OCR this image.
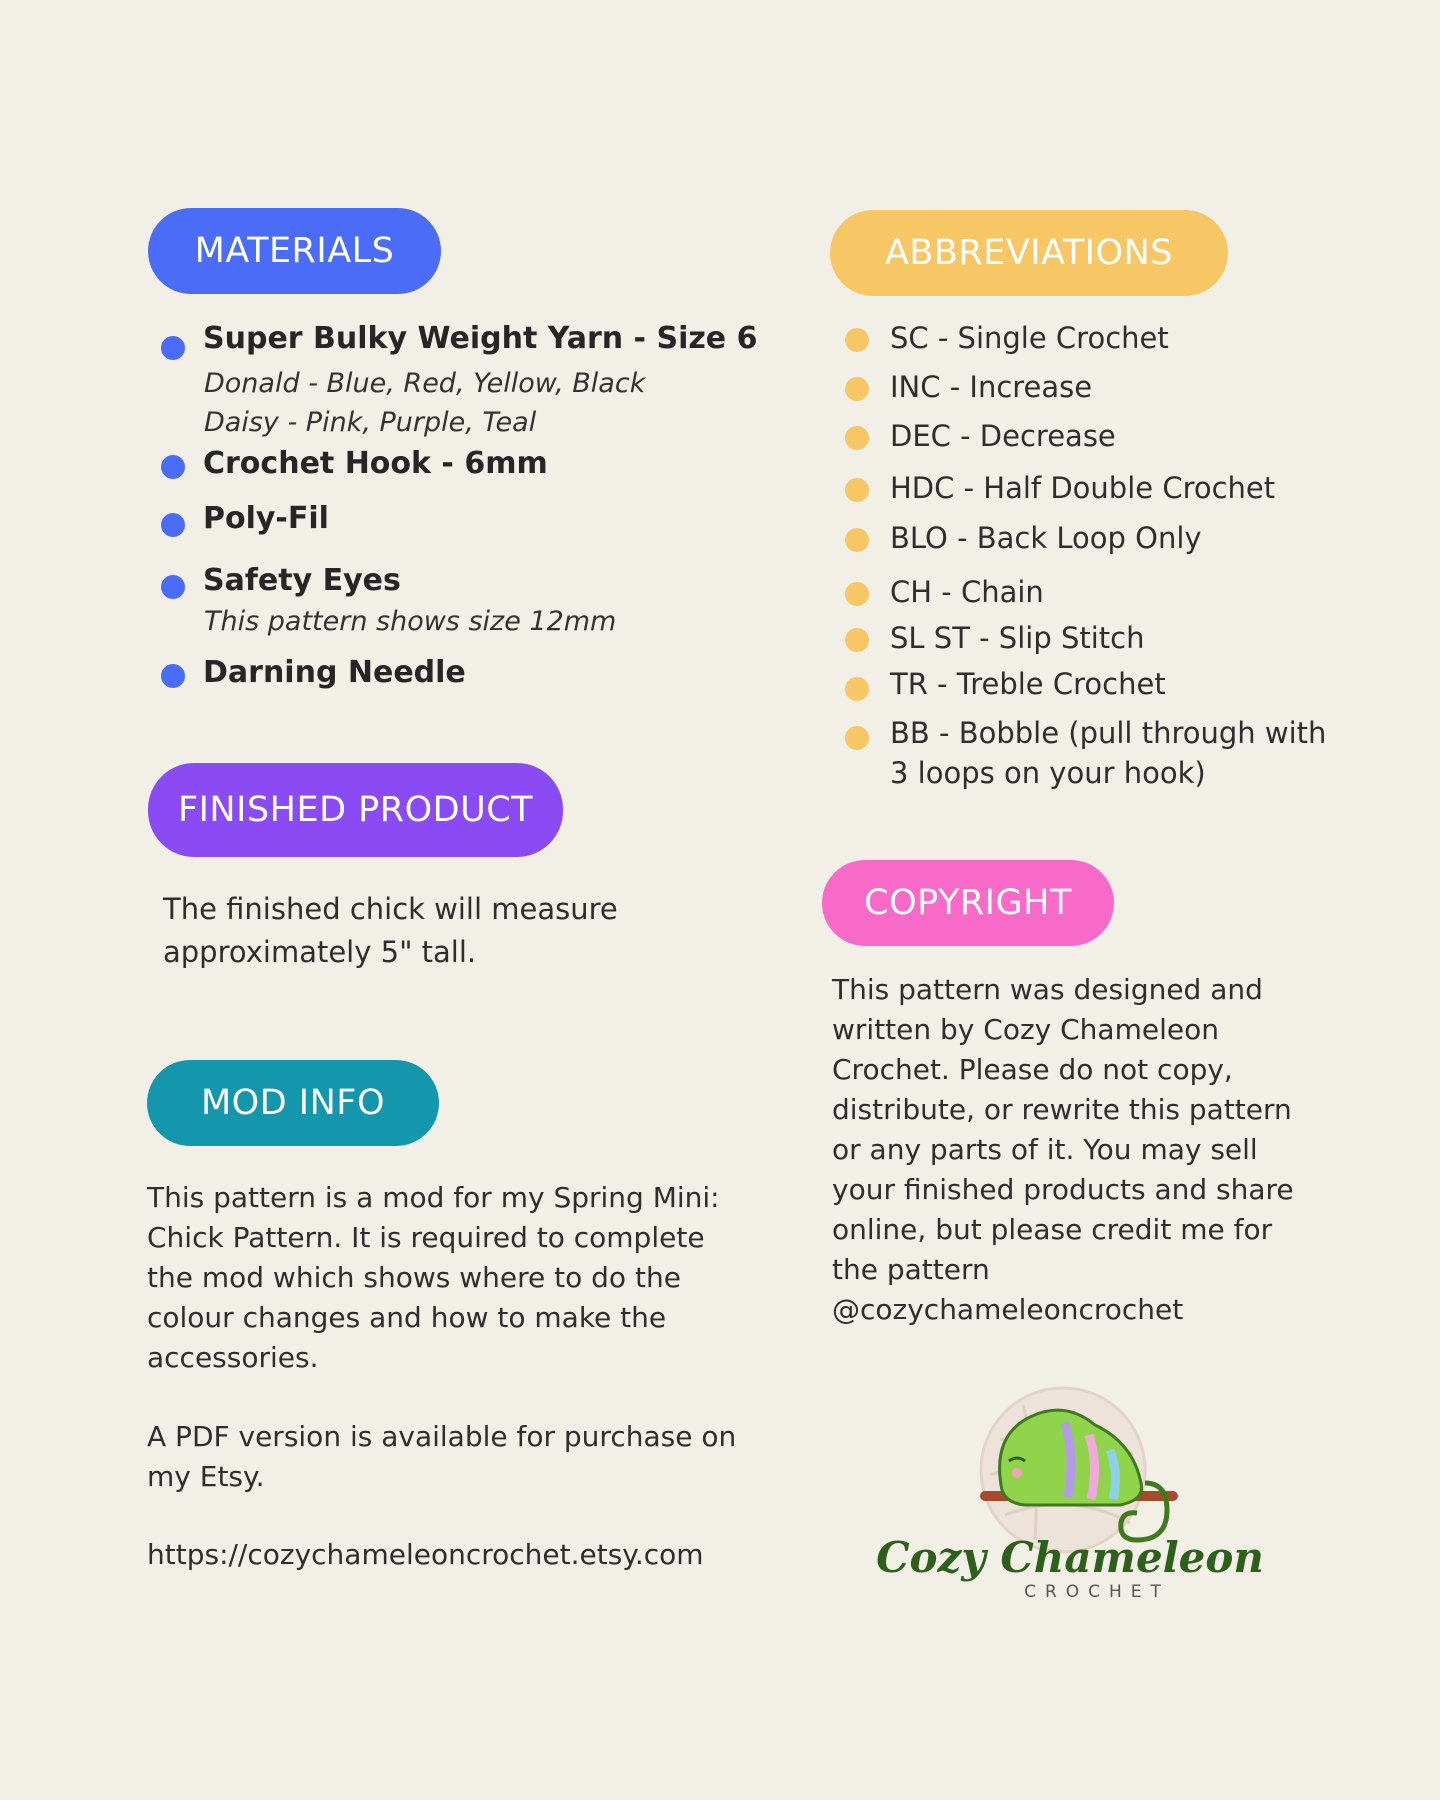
MATERIALS
Super Bulky Weight Yarn - Size 6
Donald - Blue, Red, Yellow, Black
Daisy - Pink, Purple, Teal
Crochet Hook - 6mm
Poly-Fil
Safety Eyes
This pattern shows size 12mm
Darning Needle
ABBREVIATIONS
SC - Single Crochet
INC - Increase
DEC - Decrease
HDC - Half Double Crochet
BLO - Back Loop Only
CH - Chain
SL ST - Slip Stitch
TR - Treble Crochet
BB - Bobble (pull through with
3 loops on your hook)
FINISHED PRODUCT
The finished chick will measure
approximately 5" tall.
MOD INFO
This pattern is a mod for my Spring Mini:
Chick Pattern. It is required to complete
the mod which shows where to do the
colour changes and how to make the
accessories.
A PDF version is available for purchase on
my Etsy.
https://cozychameleoncrochet.etsy.com
COPYRIGHT
This pattern was designed and
written by Cozy Chameleon
Crochet. Please do not copy,
distribute, or rewrite this pattern
or any parts of it. You may sell
your finished products and share
online, but please credit me for
the pattern
@cozychameleoncrochet
Cozy Chameleon
CROCHET
